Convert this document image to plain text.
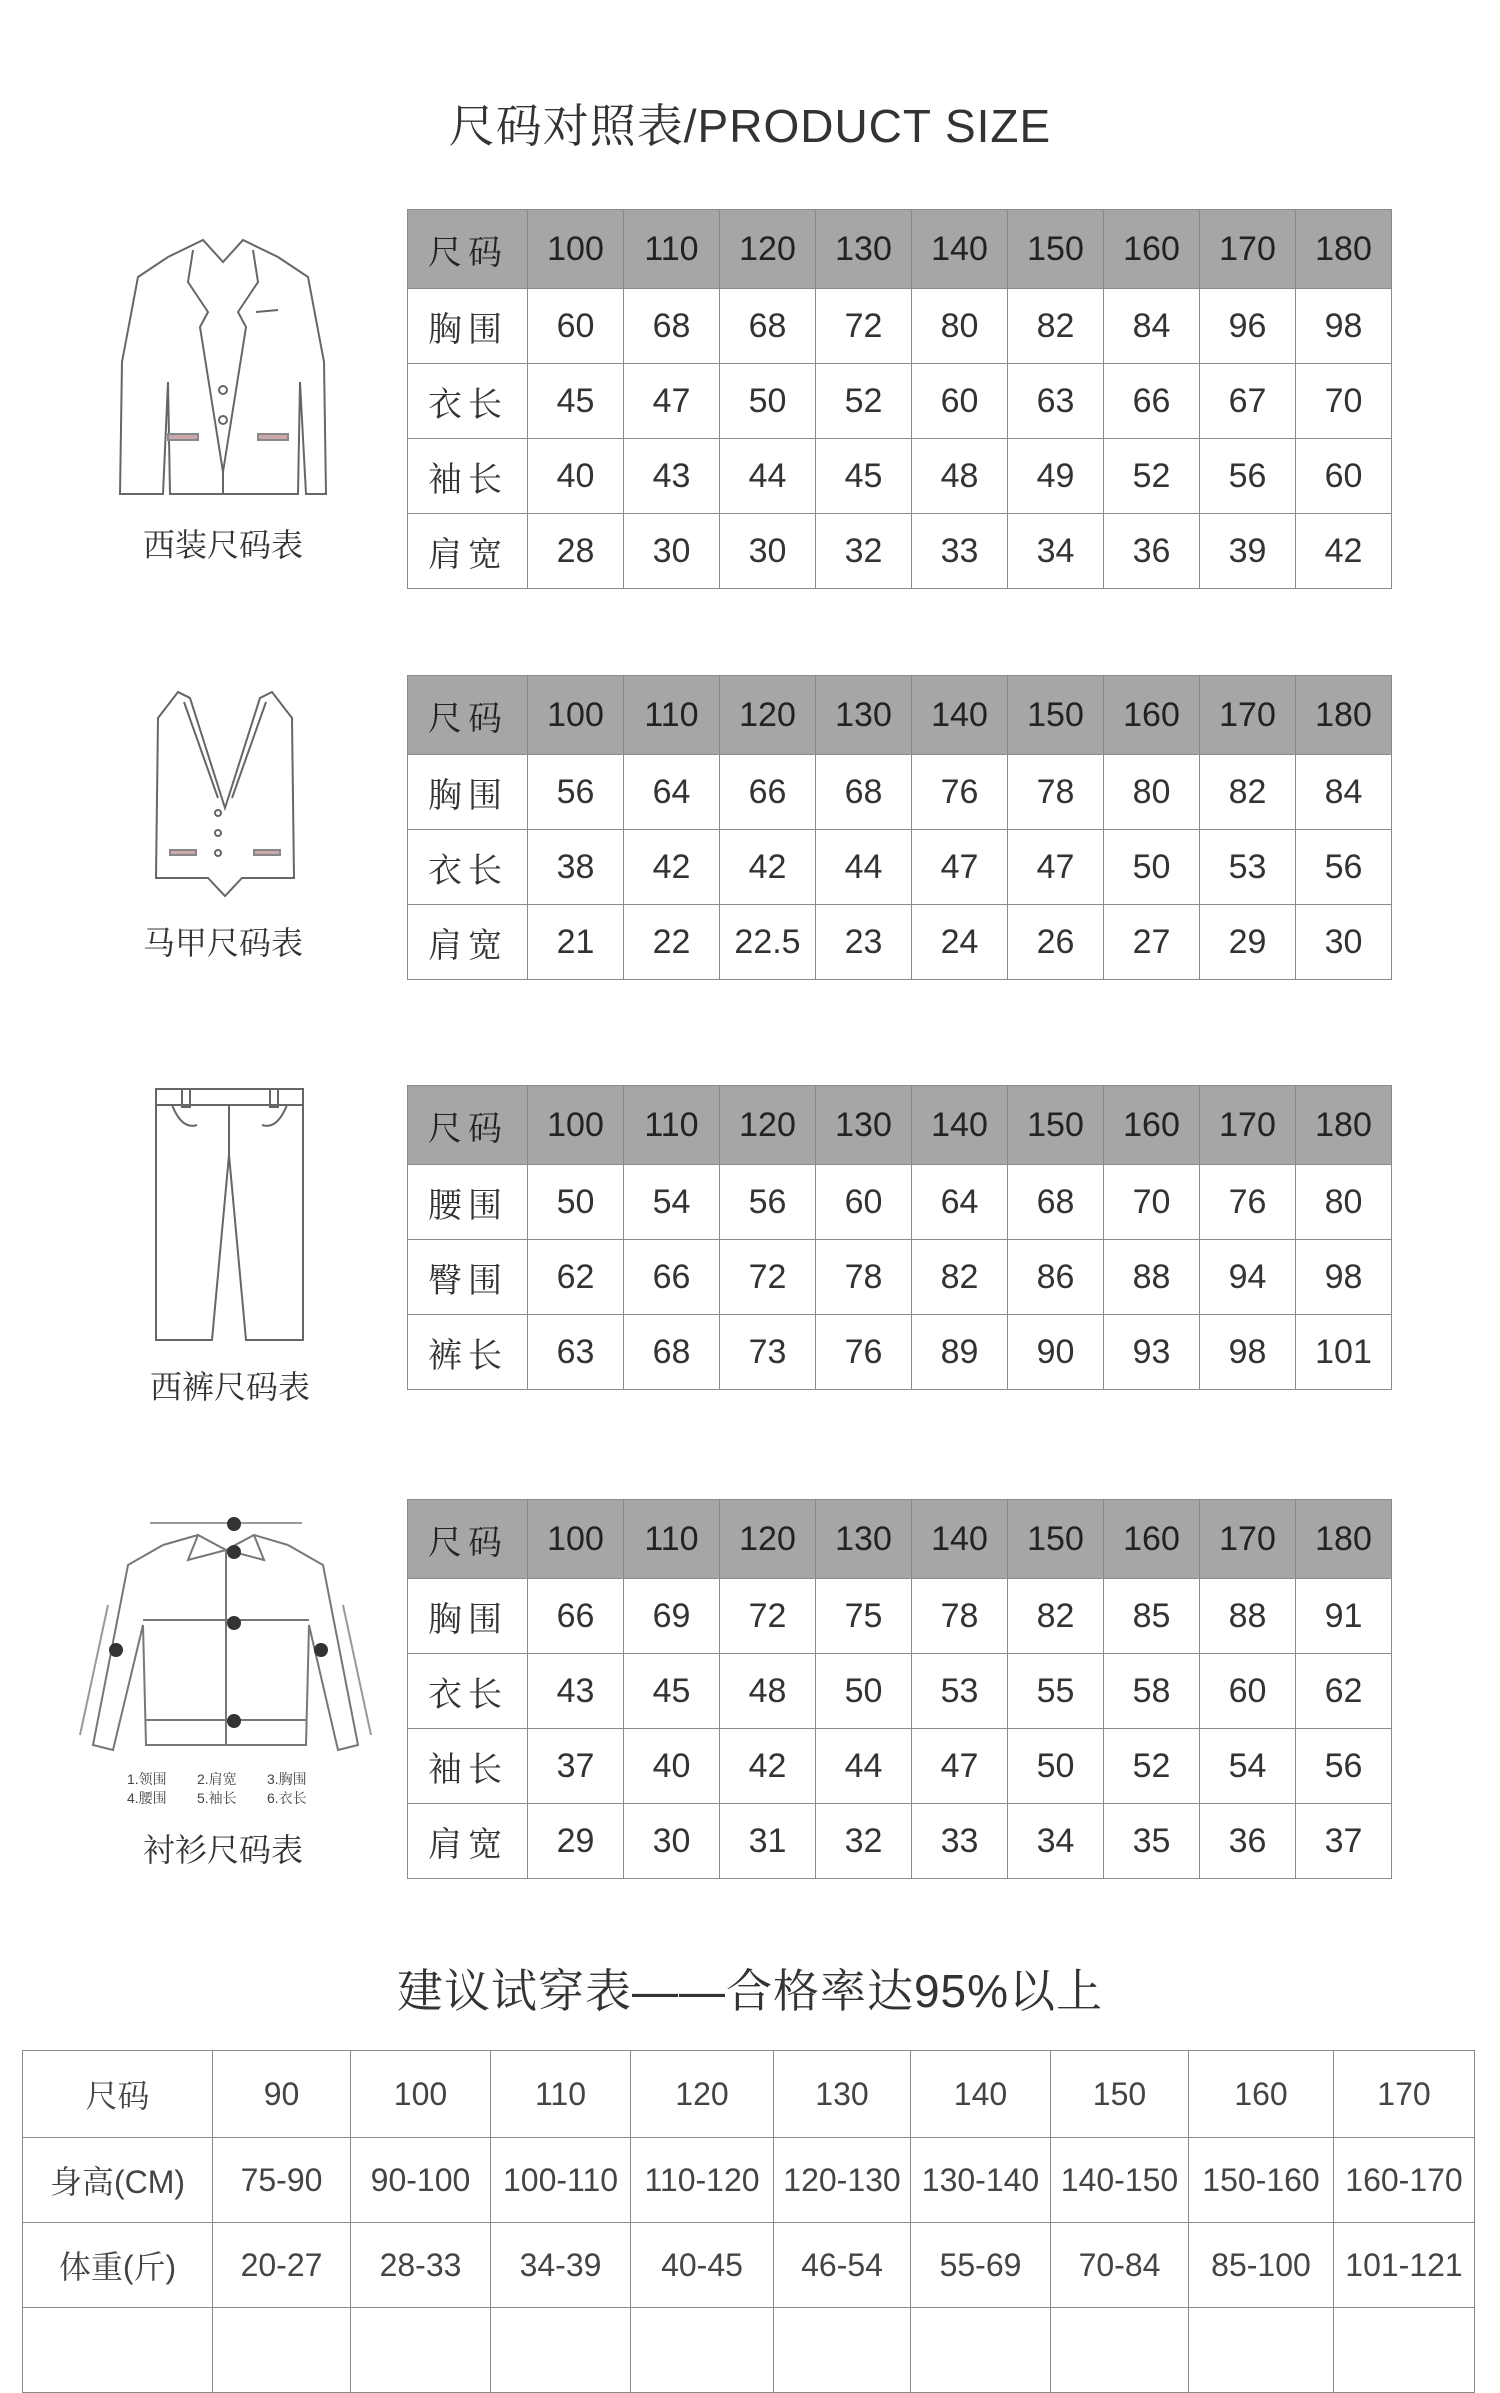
尺码对照表/PRODUCT SIZE
西装尺码表
尺码	100	110	120	130	140	150	160	170	180
胸围	60	68	68	72	80	82	84	96	98
衣长	45	47	50	52	60	63	66	67	70
袖长	40	43	44	45	48	49	52	56	60
肩宽	28	30	30	32	33	34	36	39	42
马甲尺码表
尺码	100	110	120	130	140	150	160	170	180
胸围	56	64	66	68	76	78	80	82	84
衣长	38	42	42	44	47	47	50	53	56
肩宽	21	22	22.5	23	24	26	27	29	30
西裤尺码表
尺码	100	110	120	130	140	150	160	170	180
腰围	50	54	56	60	64	68	70	76	80
臀围	62	66	72	78	82	86	88	94	98
裤长	63	68	73	76	89	90	93	98	101
1.领围 2.肩宽 3.胸围
4.腰围 5.袖长 6.衣长
衬衫尺码表
尺码	100	110	120	130	140	150	160	170	180
胸围	66	69	72	75	78	82	85	88	91
衣长	43	45	48	50	53	55	58	60	62
袖长	37	40	42	44	47	50	52	54	56
肩宽	29	30	31	32	33	34	35	36	37
建议试穿表——合格率达95%以上
尺码	90	100	110	120	130	140	150	160	170
身高(CM)	75-90	90-100	100-110	110-120	120-130	130-140	140-150	150-160	160-170
体重(斤)	20-27	28-33	34-39	40-45	46-54	55-69	70-84	85-100	101-121
